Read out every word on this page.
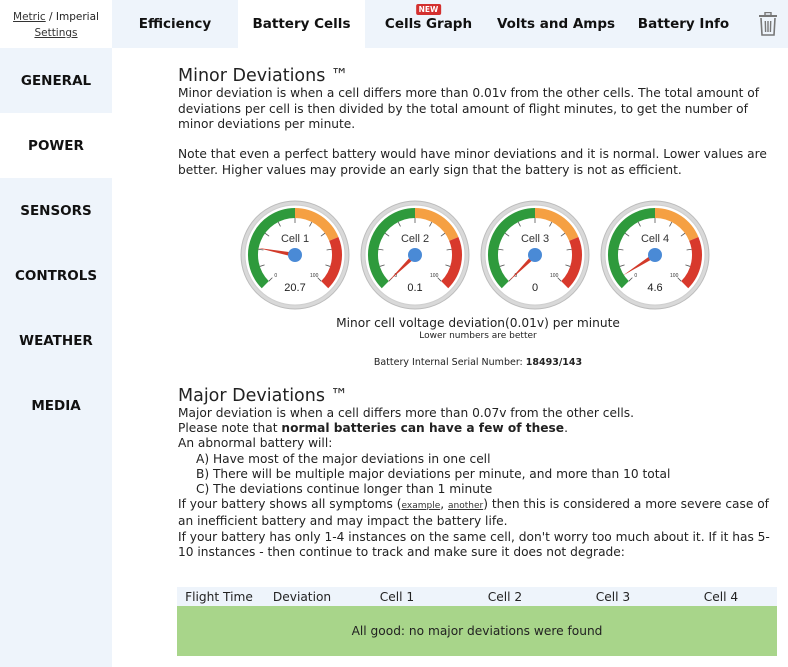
Metric / Imperial
Settings
Efficiency	Battery Cells
NEW
Cells Graph Volts and Amps Battery Info
GENERAL
POWER
SENSORS
CONTROLS
WEATHER
MEDIA
Minor Deviations ™
Minor deviation is when a cell differs more than 0.01v from the other cells. The total amount of deviations per cell is then divided by the total amount of flight minutes, to get the number of minor deviations per minute.
Note that even a perfect battery would have minor deviations and it is normal. Lower values are better. Higher values may provide an early sign that the battery is not as efficient.
Cell 1
0	100
20.7
Cell 2
0	100
0.1
Cell 3
0	100
0
Cell 4
0	100
4.6
Minor cell voltage deviation(0.01v) per minute
Lower numbers are better
Battery Internal Serial Number: 18493/143
Major Deviations ™
Major deviation is when a cell differs more than 0.07v from the other cells.
Please note that normal batteries can have a few of these.
An abnormal battery will:
A) Have most of the major deviations in one cell
B) There will be multiple major deviations per minute, and more than 10 total
C) The deviations continue longer than 1 minute
If your battery shows all symptoms (example, another) then this is considered a more severe case of an inefficient battery and may impact the battery life.
If your battery has only 1-4 instances on the same cell, don't worry too much about it. If it has 5-10 instances - then continue to track and make sure it does not degrade:
Flight Time	Deviation	Cell 1	Cell 2	Cell 3	Cell 4
All good: no major deviations were found
